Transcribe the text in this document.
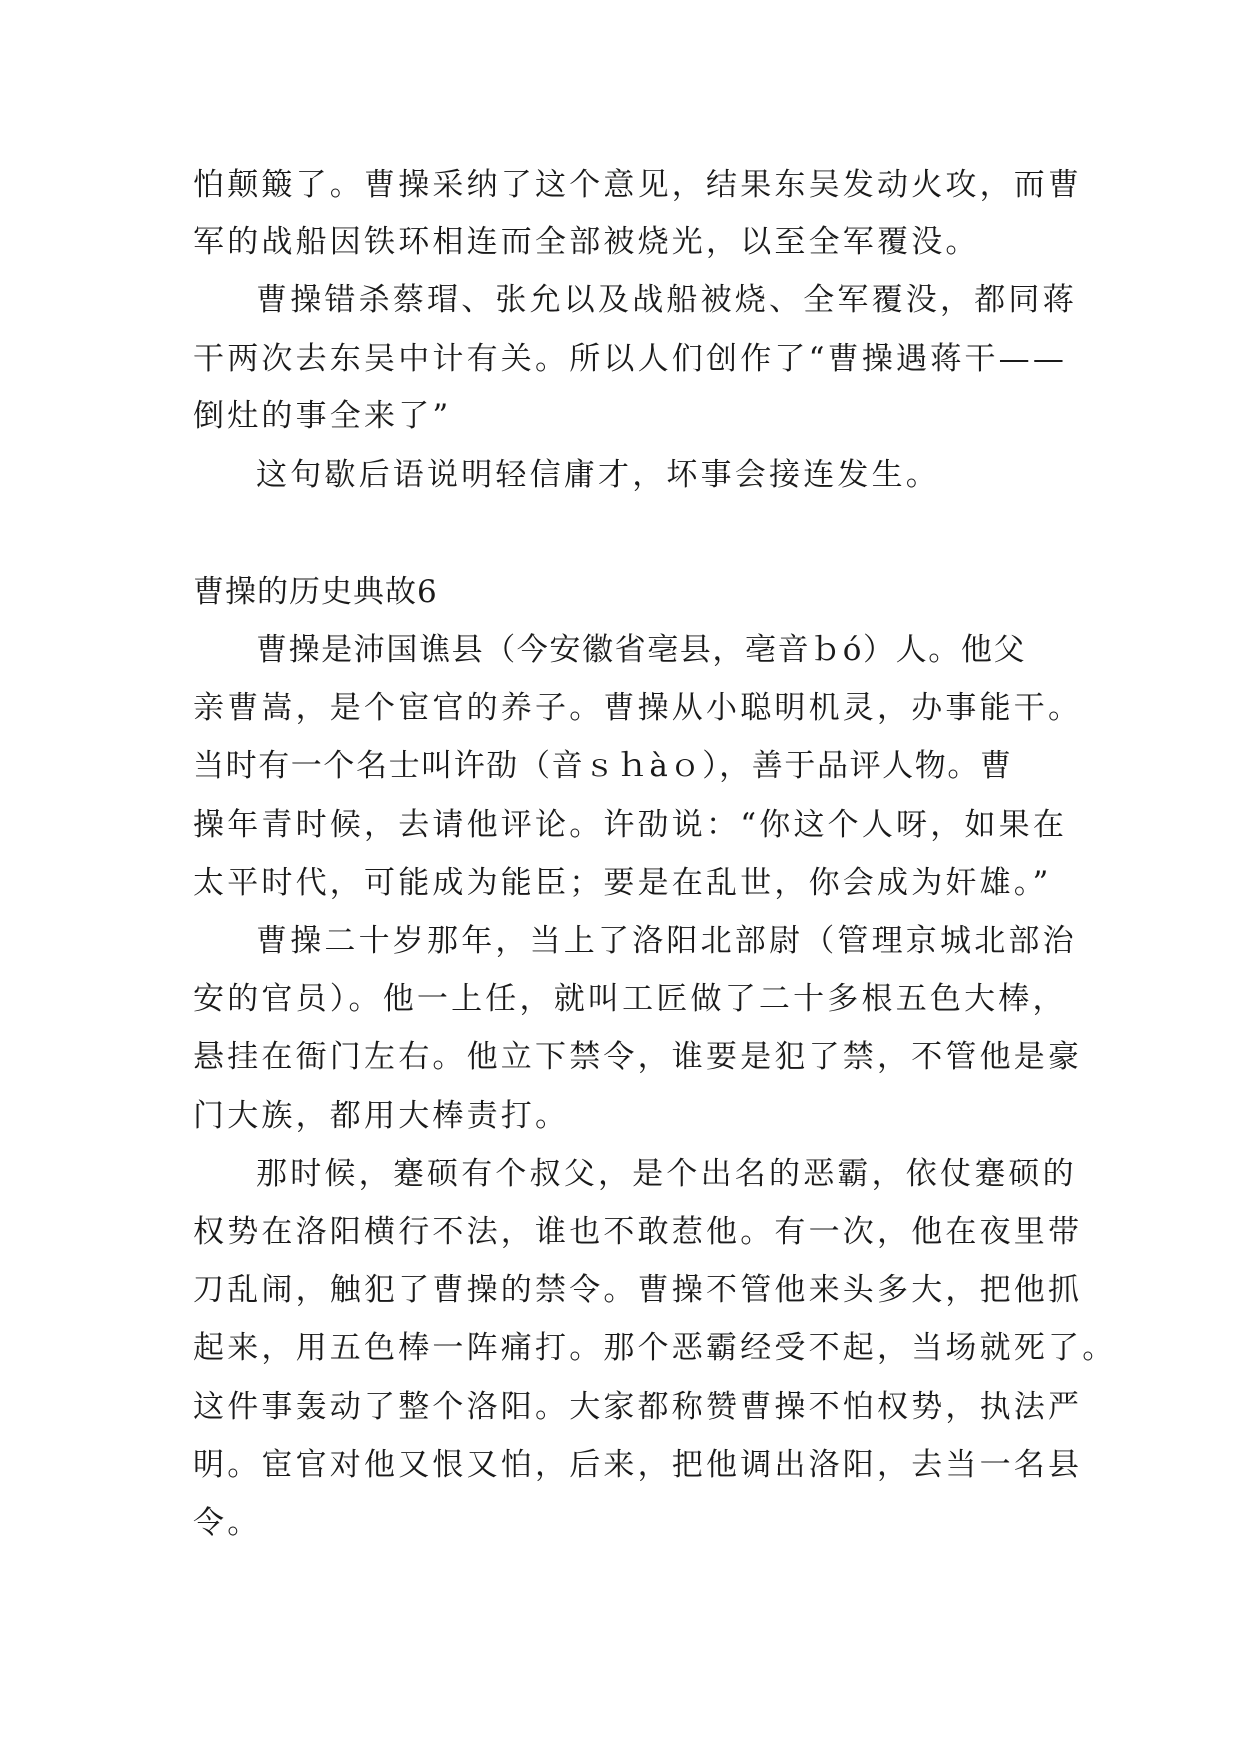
怕颠簸了。曹操采纳了这个意见，结果东吴发动火攻，而曹
军的战船因铁环相连而全部被烧光，以至全军覆没。
曹操错杀蔡瑁、张允以及战船被烧、全军覆没，都同蒋
干两次去东吴中计有关。所以人们创作了“曹操遇蒋干——
倒灶的事全来了”
这句歇后语说明轻信庸才，坏事会接连发生。
曹操的历史典故6
曹操是沛国谯县（今安徽省亳县，亳音ｂó）人。他父
亲曹嵩，是个宦官的养子。曹操从小聪明机灵，办事能干。
当时有一个名士叫许劭（音ｓｈàｏ），善于品评人物。曹
操年青时候，去请他评论。许劭说：“你这个人呀，如果在
太平时代，可能成为能臣；要是在乱世，你会成为奸雄。”
曹操二十岁那年，当上了洛阳北部尉（管理京城北部治
安的官员）。他一上任，就叫工匠做了二十多根五色大棒，
悬挂在衙门左右。他立下禁令，谁要是犯了禁，不管他是豪
门大族，都用大棒责打。
那时候，蹇硕有个叔父，是个出名的恶霸，依仗蹇硕的
权势在洛阳横行不法，谁也不敢惹他。有一次，他在夜里带
刀乱闹，触犯了曹操的禁令。曹操不管他来头多大，把他抓
起来，用五色棒一阵痛打。那个恶霸经受不起，当场就死了。
这件事轰动了整个洛阳。大家都称赞曹操不怕权势，执法严
明。宦官对他又恨又怕，后来，把他调出洛阳，去当一名县
令。
